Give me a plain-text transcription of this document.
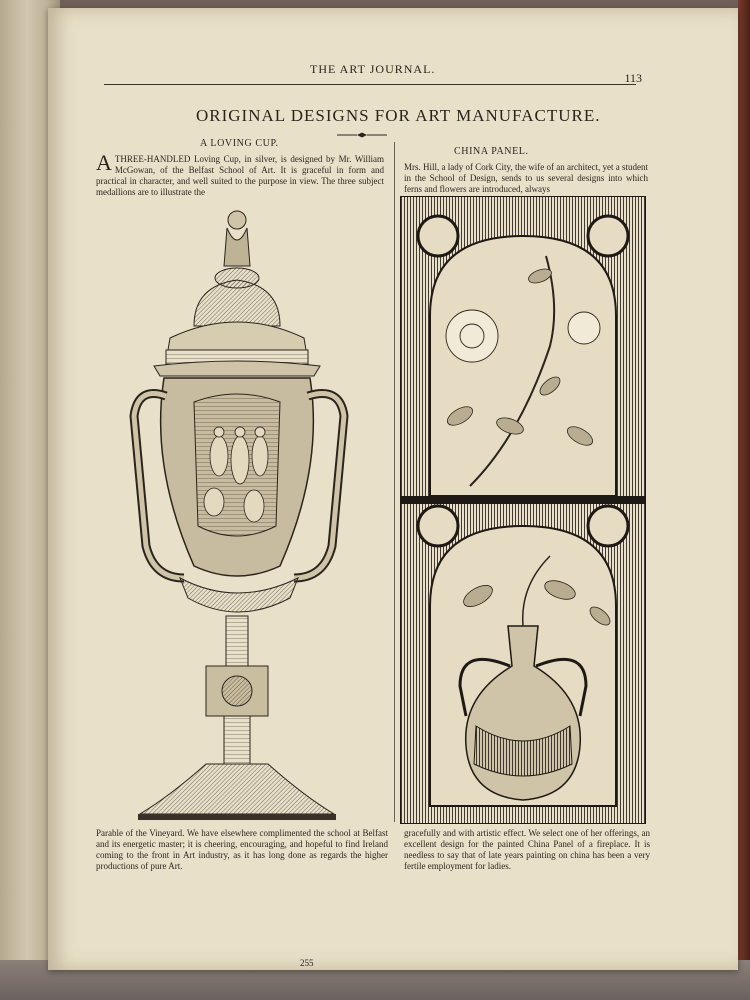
THE ART JOURNAL.
113
ORIGINAL DESIGNS FOR ART MANUFACTURE.
A LOVING CUP.
ATHREE-HANDLED Loving Cup, in silver, is designed by Mr. William McGowan, of the Belfast School of Art. It is graceful in form and practical in character, and well suited to the purpose in view. The three subject medallions are to illustrate the
Parable of the Vineyard. We have elsewhere complimented the school at Belfast and its energetic master; it is cheering, encouraging, and hopeful to find Ireland coming to the front in Art industry, as it has long done as regards the higher productions of pure Art.
CHINA PANEL.
Mrs. Hill, a lady of Cork City, the wife of an architect, yet a student in the School of Design, sends to us several designs into which ferns and flowers are introduced, always
gracefully and with artistic effect. We select one of her offerings, an excellent design for the painted China Panel of a fireplace. It is needless to say that of late years painting on china has been a very fertile employment for ladies.
255
